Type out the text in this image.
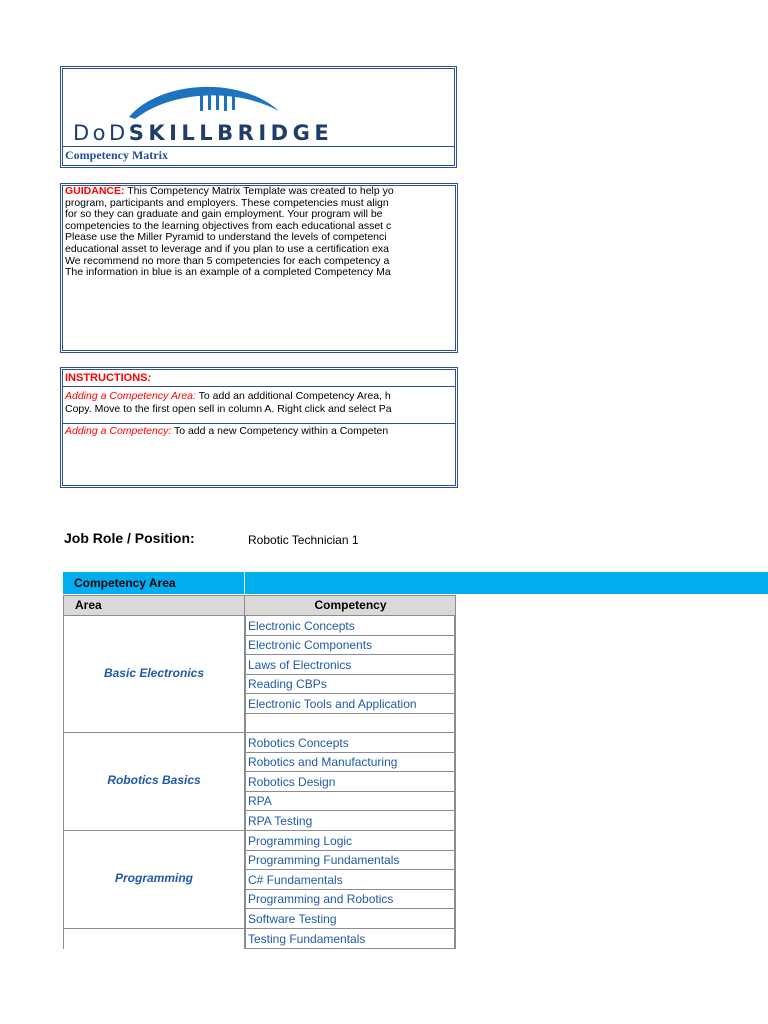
DoDSKILLBRIDGE
Competency Matrix
GUIDANCE: This Competency Matrix Template was created to help yo
program, participants and employers. These competencies must align
for so they can graduate and gain employment. Your program will be
competencies to the learning objectives from each educational asset c
Please use the Miller Pyramid to understand the levels of competenci
educational asset to leverage and if you plan to use a certification exa
We recommend no more than 5 competencies for each competency a
The information in blue is an example of a completed Competency Ma
INSTRUCTIONS:
Adding a Competency Area: To add an additional Competency Area, h
Copy. Move to the first open sell in column A. Right click and select Pa
Adding a Competency: To add a new Competency within a Competen
Job Role / Position:	Robotic Technician 1
Competency Area
Area	Competency
Basic Electronics
Electronic Concepts
Electronic Components
Laws of Electronics
Reading CBPs
Electronic Tools and Application
Robotics Basics
Robotics Concepts
Robotics and Manufacturing
Robotics Design
RPA
RPA Testing
Programming
Programming Logic
Programming Fundamentals
C# Fundamentals
Programming and Robotics
Software Testing
Testing Fundamentals
